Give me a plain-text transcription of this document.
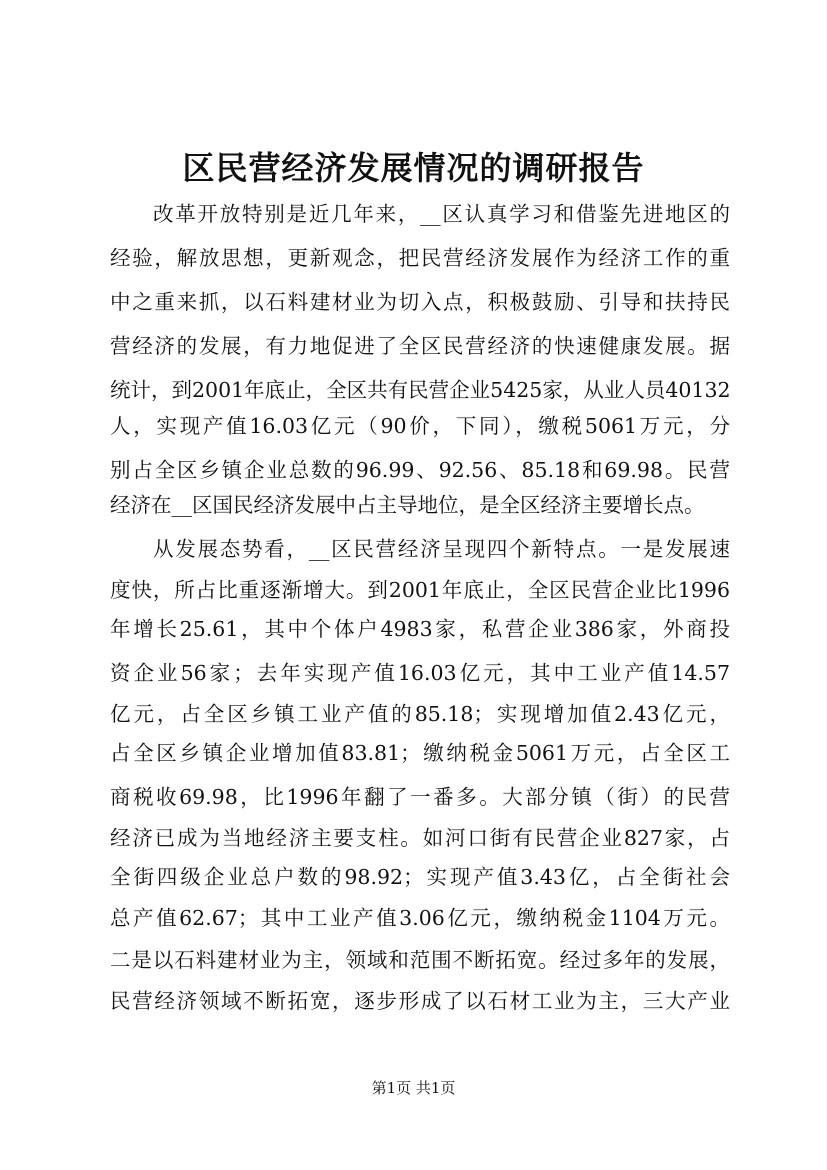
区民营经济发展情况的调研报告
改革开放特别是近几年来，__区认真学习和借鉴先进地区的
经验，解放思想，更新观念，把民营经济发展作为经济工作的重
中之重来抓，以石料建材业为切入点，积极鼓励、引导和扶持民
营经济的发展，有力地促进了全区民营经济的快速健康发展。据
统计，到2001年底止，全区共有民营企业5425家，从业人员40132
人，实现产值16.03亿元（90价，下同），缴税5061万元，分
别占全区乡镇企业总数的96.99、92.56、85.18和69.98。民营
经济在__区国民经济发展中占主导地位，是全区经济主要增长点。
从发展态势看，__区民营经济呈现四个新特点。一是发展速
度快，所占比重逐渐增大。到2001年底止，全区民营企业比1996
年增长25.61，其中个体户4983家，私营企业386家，外商投
资企业56家；去年实现产值16.03亿元，其中工业产值14.57
亿元，占全区乡镇工业产值的85.18；实现增加值2.43亿元，
占全区乡镇企业增加值83.81；缴纳税金5061万元，占全区工
商税收69.98，比1996年翻了一番多。大部分镇（街）的民营
经济已成为当地经济主要支柱。如河口街有民营企业827家，占
全街四级企业总户数的98.92；实现产值3.43亿，占全街社会
总产值62.67；其中工业产值3.06亿元，缴纳税金1104万元。
二是以石料建材业为主，领域和范围不断拓宽。经过多年的发展，
民营经济领域不断拓宽，逐步形成了以石材工业为主，三大产业
第1页 共1页
